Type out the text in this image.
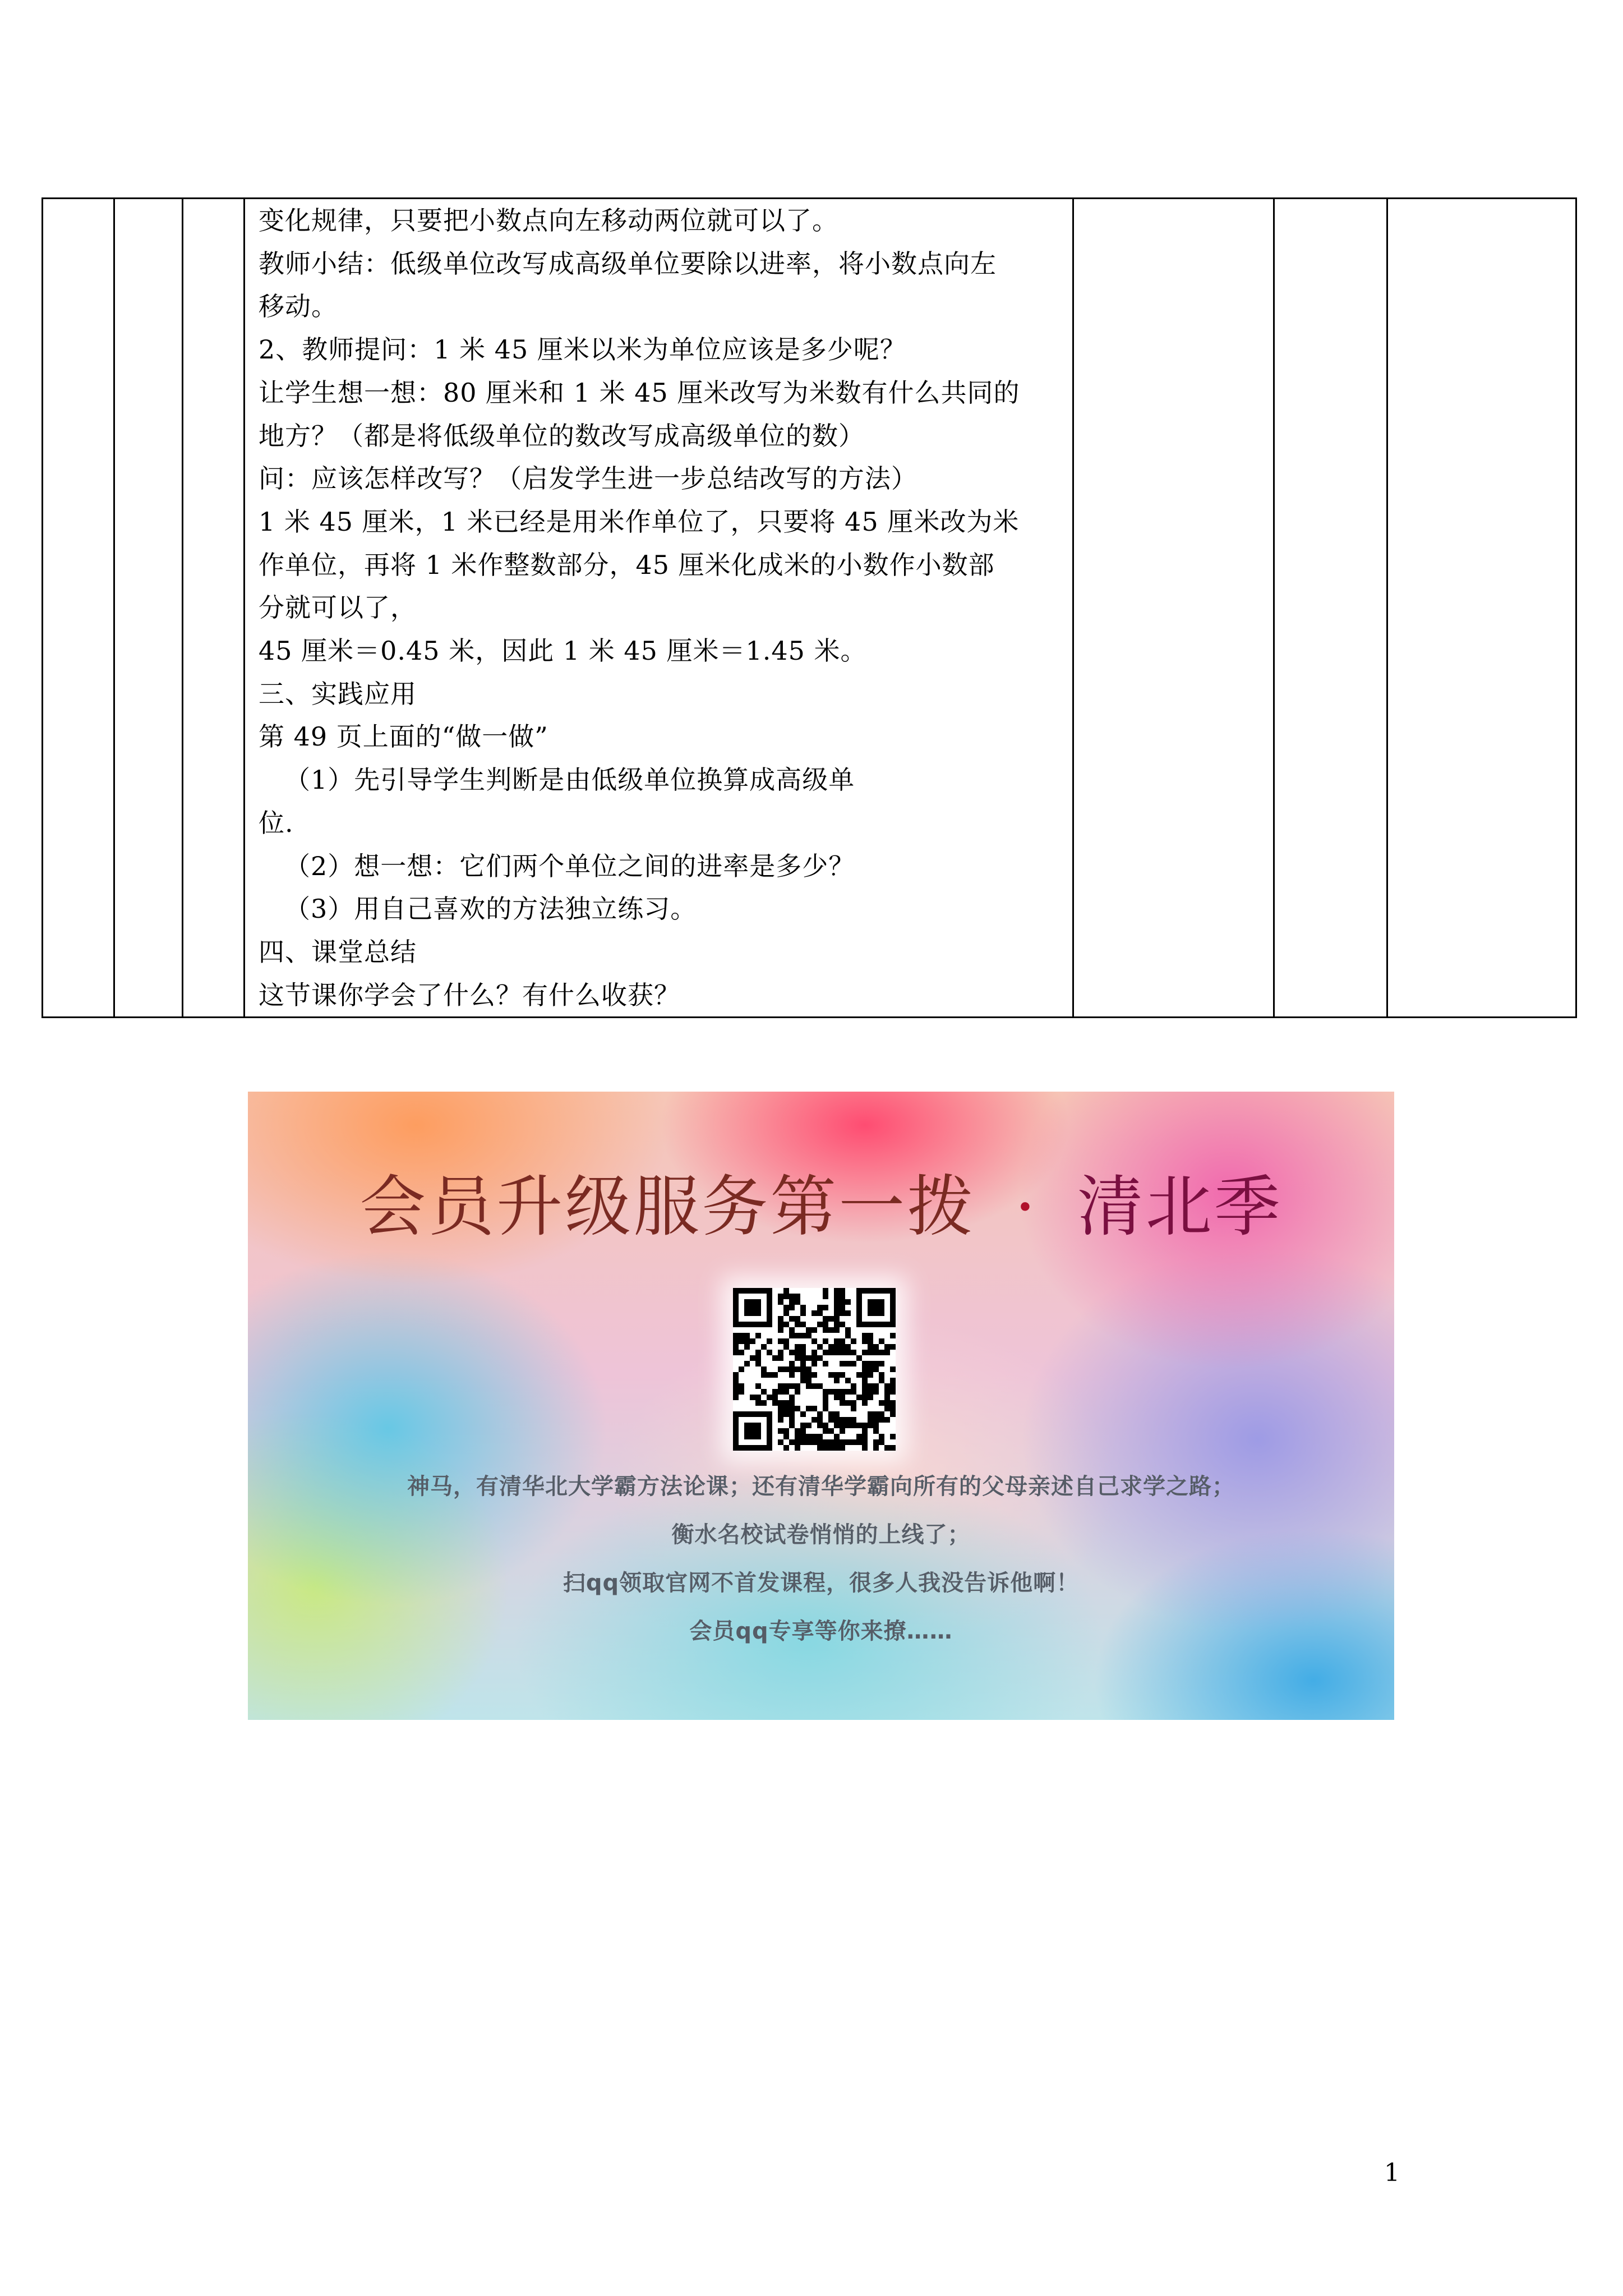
变化规律，只要把小数点向左移动两位就可以了。
教师小结：低级单位改写成高级单位要除以进率，将小数点向左
移动。
2、教师提问：1 米 45 厘米以米为单位应该是多少呢？
让学生想一想：80 厘米和 1 米 45 厘米改写为米数有什么共同的
地方？（都是将低级单位的数改写成高级单位的数）
问：应该怎样改写？（启发学生进一步总结改写的方法）
1 米 45 厘米，1 米已经是用米作单位了，只要将 45 厘米改为米
作单位，再将 1 米作整数部分，45 厘米化成米的小数作小数部
分就可以了，
45 厘米＝0.45 米，因此 1 米 45 厘米＝1.45 米。
三、实践应用
第 49 页上面的“做一做”
（1）先引导学生判断是由低级单位换算成高级单
位.
（2）想一想：它们两个单位之间的进率是多少？
（3）用自己喜欢的方法独立练习。
四、课堂总结
这节课你学会了什么？有什么收获？

会员升级服务第一拨 · 清北季
神马，有清华北大学霸方法论课；还有清华学霸向所有的父母亲述自己求学之路；
衡水名校试卷悄悄的上线了；
扫qq领取官网不首发课程，很多人我没告诉他啊！
会员qq专享等你来撩……
1
